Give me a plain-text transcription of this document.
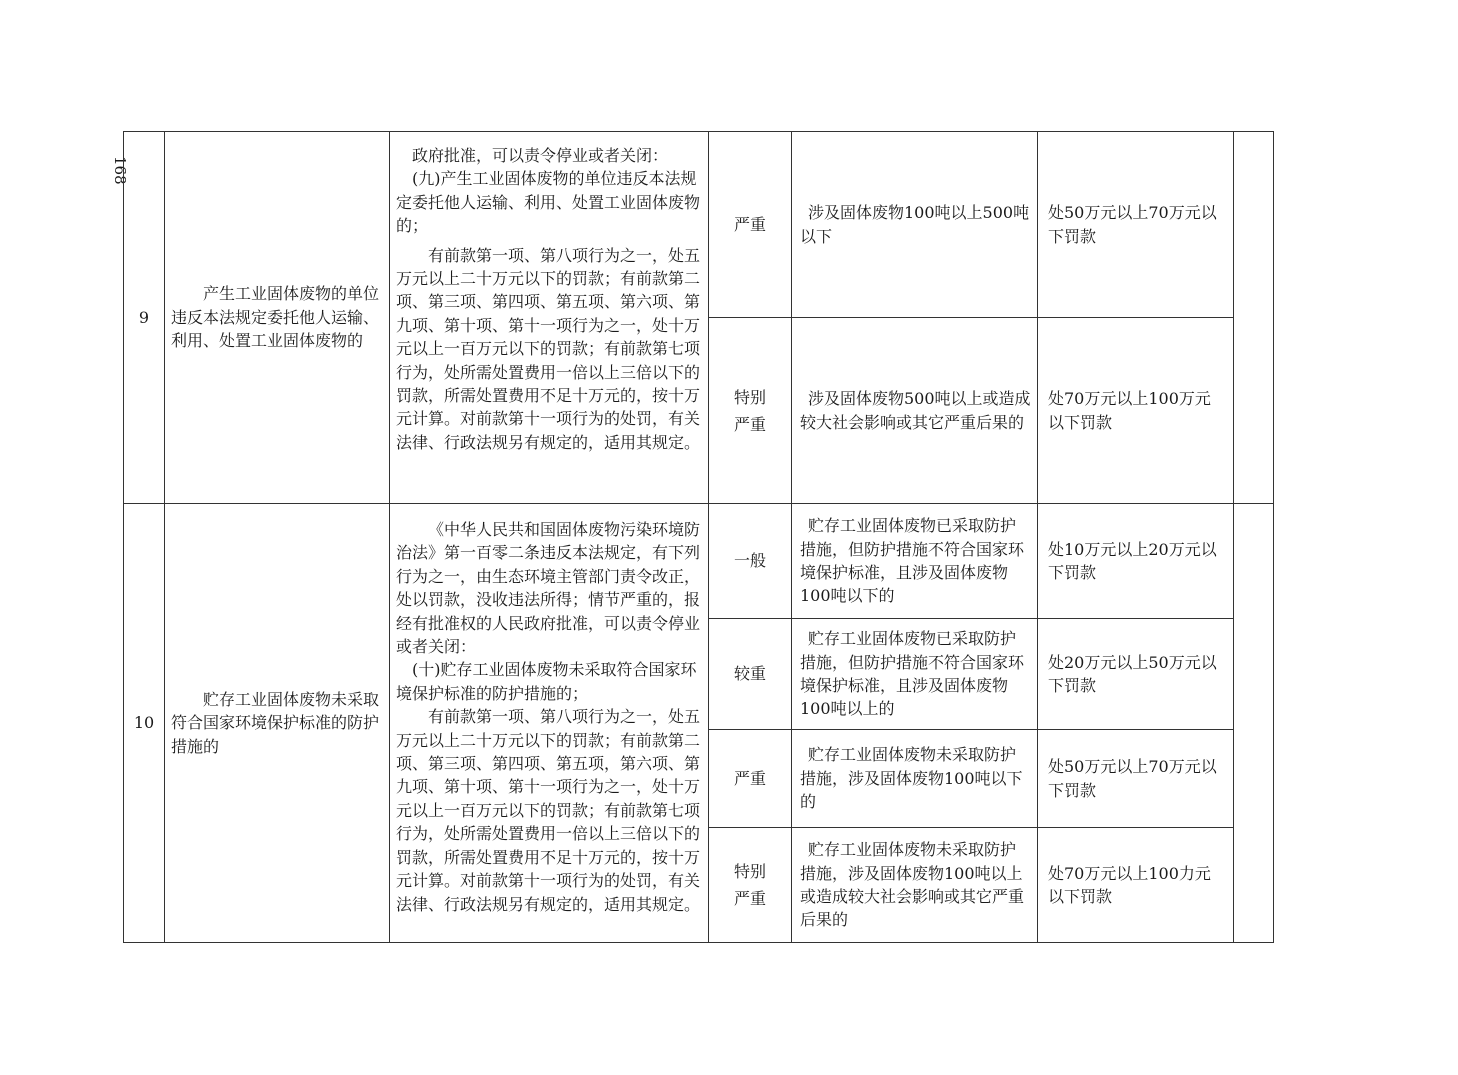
168
9	产生工业固体废物的单位违反本法规定委托他人运输、利用、处置工业固体废物的	政府批准，可以责令停业或者关闭：

(九)产生工业固体废物的单位违反本法规定委托他人运输、利用、处置工业固体废物的；

有前款第一项、第八项行为之一，处五万元以上二十万元以下的罚款；有前款第二项、第三项、第四项、第五项、第六项、第九项、第十项、第十一项行为之一，处十万元以上一百万元以下的罚款；有前款第七项行为，处所需处置费用一倍以上三倍以下的罚款，所需处置费用不足十万元的，按十万元计算。对前款第十一项行为的处罚，有关法律、行政法规另有规定的，适用其规定。	严重	涉及固体废物100吨以上500吨以下	处50万元以上70万元以下罚款	

			特别严重	涉及固体废物500吨以上或造成较大社会影响或其它严重后果的	处70万元以上100万元以下罚款	
10	贮存工业固体废物未采取符合国家环境保护标准的防护措施的	《中华人民共和国固体废物污染环境防治法》第一百零二条违反本法规定，有下列行为之一，由生态环境主管部门责令改正，处以罚款，没收违法所得；情节严重的，报经有批准权的人民政府批准，可以责令停业或者关闭：

(十)贮存工业固体废物未采取符合国家环境保护标准的防护措施的；

有前款第一项、第八项行为之一，处五万元以上二十万元以下的罚款；有前款第二项、第三项、第四项、第五项，第六项、第九项、第十项、第十一项行为之一，处十万元以上一百万元以下的罚款；有前款第七项行为，处所需处置费用一倍以上三倍以下的罚款，所需处置费用不足十万元的，按十万元计算。对前款第十一项行为的处罚，有关法律、行政法规另有规定的，适用其规定。	一般	贮存工业固体废物已采取防护措施，但防护措施不符合国家环境保护标准，且涉及固体废物100吨以下的	处10万元以上20万元以下罚款	
			较重	贮存工业固体废物已采取防护措施，但防护措施不符合国家环境保护标准，且涉及固体废物100吨以上的	处20万元以上50万元以下罚款	
			严重	贮存工业固体废物未采取防护措施，涉及固体废物100吨以下的	处50万元以上70万元以下罚款	

			特别严重	贮存工业固体废物未采取防护措施，涉及固体废物100吨以上或造成较大社会影响或其它严重后果的	处70万元以上100力元以下罚款	
